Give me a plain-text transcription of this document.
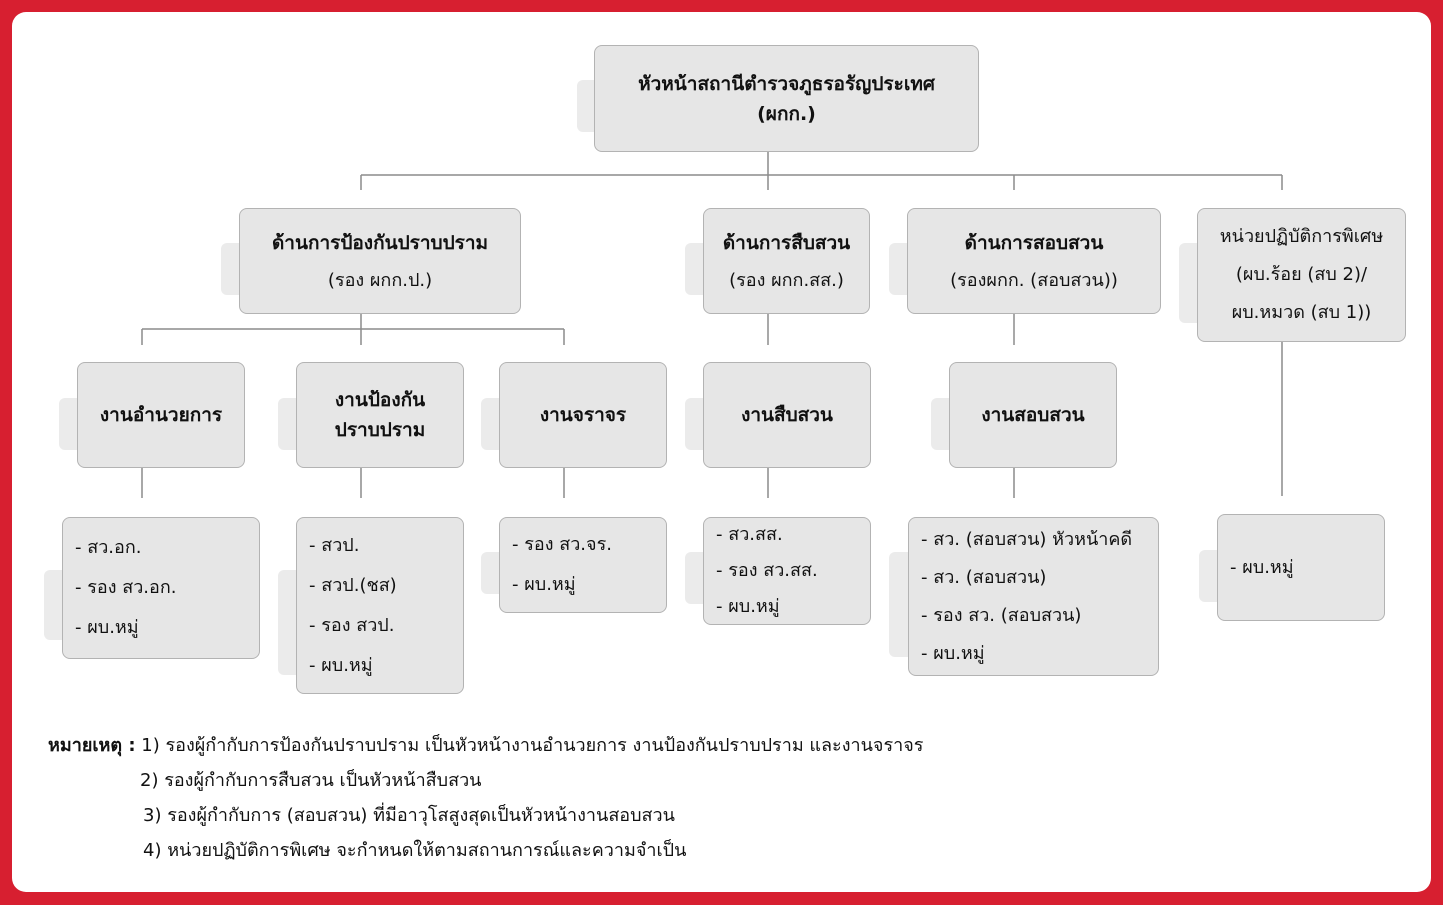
หัวหน้าสถานีตำรวจภูธรอรัญประเทศ
(ผกก.)
ด้านการป้องกันปราบปราม
(รอง ผกก.ป.)
ด้านการสืบสวน
(รอง ผกก.สส.)
ด้านการสอบสวน
(รองผกก. (สอบสวน))
หน่วยปฏิบัติการพิเศษ
(ผบ.ร้อย (สบ 2)/
ผบ.หมวด (สบ 1))
งานอำนวยการ
งานป้องกัน
ปราบปราม
งานจราจร	งานสืบสวน	งานสอบสวน
- สว.อก.
- รอง สว.อก.
- ผบ.หมู่
- สวป.
- สวป.(ชส)
- รอง สวป.
- ผบ.หมู่
- รอง สว.จร.
- ผบ.หมู่
- สว.สส.
- รอง สว.สส.
- ผบ.หมู่
- สว. (สอบสวน) หัวหน้าคดี
- สว. (สอบสวน)
- รอง สว. (สอบสวน)
- ผบ.หมู่
- ผบ.หมู่
หมายเหตุ : 1) รองผู้กำกับการป้องกันปราบปราม เป็นหัวหน้างานอำนวยการ งานป้องกันปราบปราม และงานจราจร
2) รองผู้กำกับการสืบสวน เป็นหัวหน้าสืบสวน
3) รองผู้กำกับการ (สอบสวน) ที่มีอาวุโสสูงสุดเป็นหัวหน้างานสอบสวน
4) หน่วยปฏิบัติการพิเศษ จะกำหนดให้ตามสถานการณ์และความจำเป็น
